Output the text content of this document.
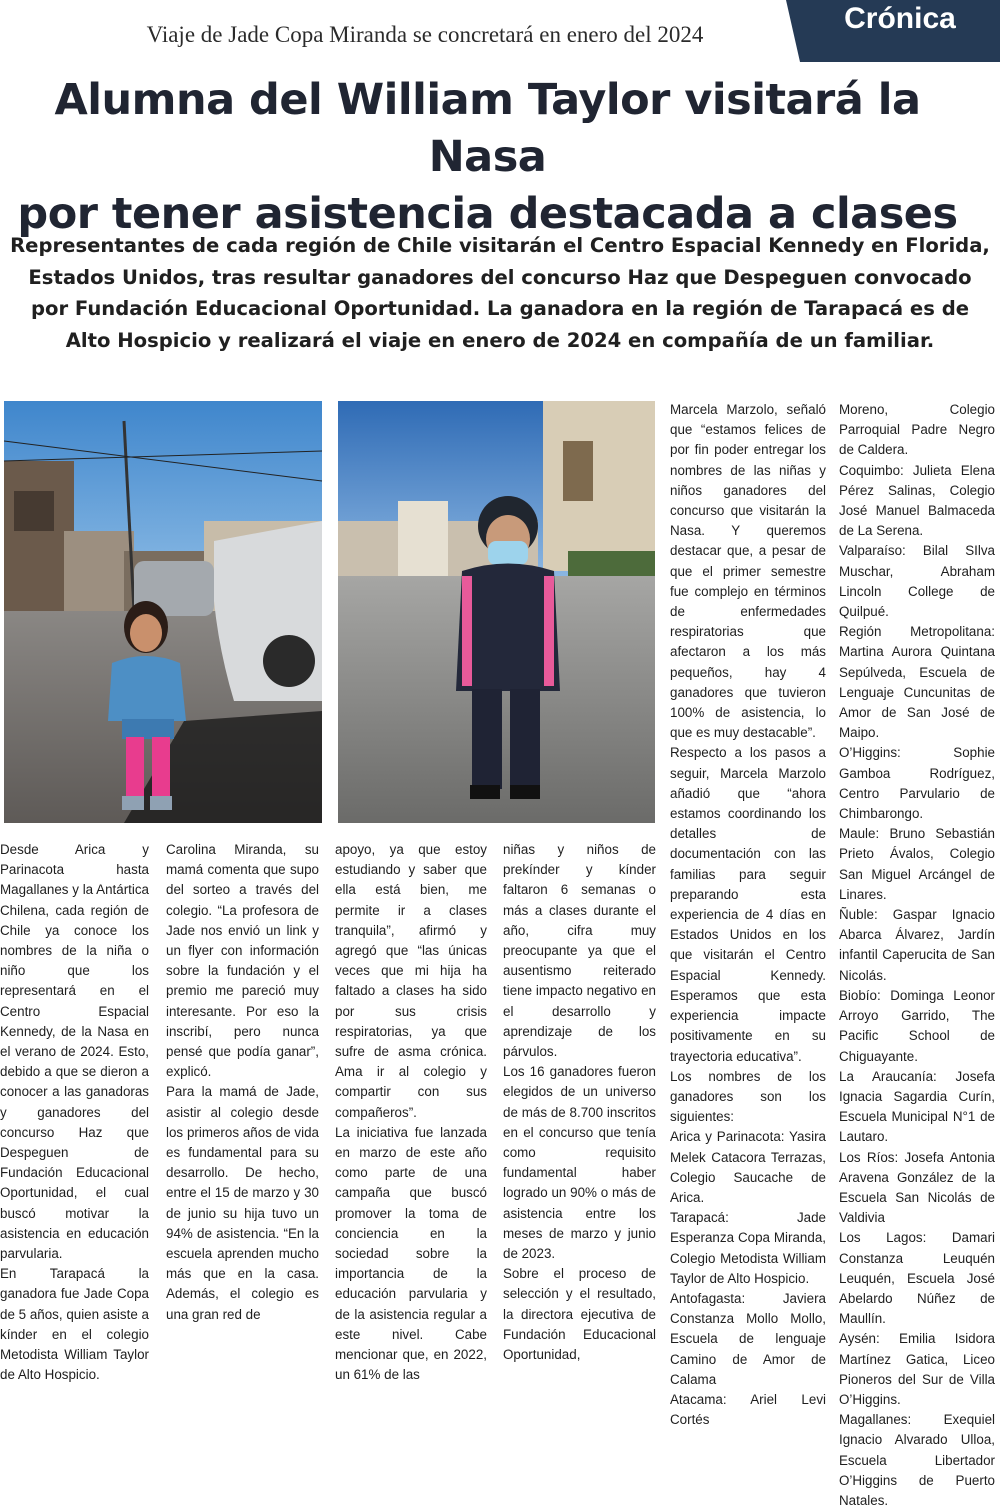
Viaje de Jade Copa Miranda se concretará en enero del 2024	Crónica
Alumna del William Taylor visitará la Nasa
por tener asistencia destacada a clases
Representantes de cada región de Chile visitarán el Centro Espacial Kennedy en Florida, Estados Unidos, tras resultar ganadores del concurso Haz que Despeguen convocado por Fundación Educacional Oportunidad. La ganadora en la región de Tarapacá es de Alto Hospicio y realizará el viaje en enero de 2024 en compañía de un familiar.

Desde Arica y Parinacota hasta Magallanes y la Antártica Chilena, cada región de Chile ya conoce los nombres de la niña o niño que los representará en el Centro Espacial Kennedy, de la Nasa en el verano de 2024. Esto, debido a que se dieron a conocer a las ganadoras y ganadores del concurso Haz que Despeguen de Fundación Educacional Oportunidad, el cual buscó motivar la asistencia en educación parvularia.

En Tarapacá la ganadora fue Jade Copa de 5 años, quien asiste a kínder en el colegio Metodista William Taylor de Alto Hospicio.

Carolina Miranda, su mamá comenta que supo del sorteo a través del colegio. “La profesora de Jade nos envió un link y un flyer con información sobre la fundación y el premio me pareció muy interesante. Por eso la inscribí, pero nunca pensé que podía ganar”, explicó.

Para la mamá de Jade, asistir al colegio desde los primeros años de vida es fundamental para su desarrollo. De hecho, entre el 15 de marzo y 30 de junio su hija tuvo un 94% de asistencia. “En la escuela aprenden mucho más que en la casa. Además, el colegio es una gran red de

apoyo, ya que estoy estudiando y saber que ella está bien, me permite ir a clases tranquila”, afirmó y agregó que “las únicas veces que mi hija ha faltado a clases ha sido por sus crisis respiratorias, ya que sufre de asma crónica. Ama ir al colegio y compartir con sus compañeros”.

La iniciativa fue lanzada en marzo de este año como parte de una campaña que buscó promover la toma de conciencia en la sociedad sobre la importancia de la educación parvularia y de la asistencia regular a este nivel. Cabe mencionar que, en 2022, un 61% de las

niñas y niños de prekínder y kínder faltaron 6 semanas o más a clases durante el año, cifra muy preocupante ya que el ausentismo reiterado tiene impacto negativo en el desarrollo y aprendizaje de los párvulos.

Los 16 ganadores fueron elegidos de un universo de más de 8.700 inscritos en el concurso que tenía como requisito fundamental haber logrado un 90% o más de asistencia entre los meses de marzo y junio de 2023.

Sobre el proceso de selección y el resultado, la directora ejecutiva de Fundación Educacional Oportunidad,

Marcela Marzolo, señaló que “estamos felices de por fin poder entregar los nombres de las niñas y niños ganadores del concurso que visitarán la Nasa. Y queremos destacar que, a pesar de que el primer semestre fue complejo en términos de enfermedades respiratorias que afectaron a los más pequeños, hay 4 ganadores que tuvieron 100% de asistencia, lo que es muy destacable”.

Respecto a los pasos a seguir, Marcela Marzolo añadió que “ahora estamos coordinando los detalles de documentación con las familias para seguir preparando esta experiencia de 4 días en Estados Unidos en los que visitarán el Centro Espacial Kennedy. Esperamos que esta experiencia impacte positivamente en su trayectoria educativa”.

Los nombres de los ganadores son los siguientes:

Arica y Parinacota: Yasira Melek Catacora Terrazas, Colegio Saucache de Arica.

Tarapacá: Jade Esperanza Copa Miranda, Colegio Metodista William Taylor de Alto Hospicio.

Antofagasta: Javiera Constanza Mollo Mollo, Escuela de lenguaje Camino de Amor de Calama

Atacama: Ariel Levi Cortés

Moreno, Colegio Parroquial Padre Negro de Caldera.

Coquimbo: Julieta Elena Pérez Salinas, Colegio José Manuel Balmaceda de La Serena.

Valparaíso: Bilal SIlva Muschar, Abraham Lincoln College de Quilpué.

Región Metropolitana: Martina Aurora Quintana Sepúlveda, Escuela de Lenguaje Cuncunitas de Amor de San José de Maipo.

O’Higgins: Sophie Gamboa Rodríguez, Centro Parvulario de Chimbarongo.

Maule: Bruno Sebastián Prieto Ávalos, Colegio San Miguel Arcángel de Linares.

Ñuble: Gaspar Ignacio Abarca Álvarez, Jardín infantil Caperucita de San Nicolás.

Biobío: Dominga Leonor Arroyo Garrido, The Pacific School de Chiguayante.

La Araucanía: Josefa Ignacia Sagardia Curín, Escuela Municipal N°1 de Lautaro.

Los Ríos: Josefa Antonia Aravena González de la Escuela San Nicolás de Valdivia

Los Lagos: Damari Constanza Leuquén Leuquén, Escuela José Abelardo Núñez de Maullín.

Aysén: Emilia Isidora Martínez Gatica, Liceo Pioneros del Sur de Villa O’Higgins.

Magallanes: Exequiel Ignacio Alvarado Ulloa, Escuela Libertador O’Higgins de Puerto Natales.
